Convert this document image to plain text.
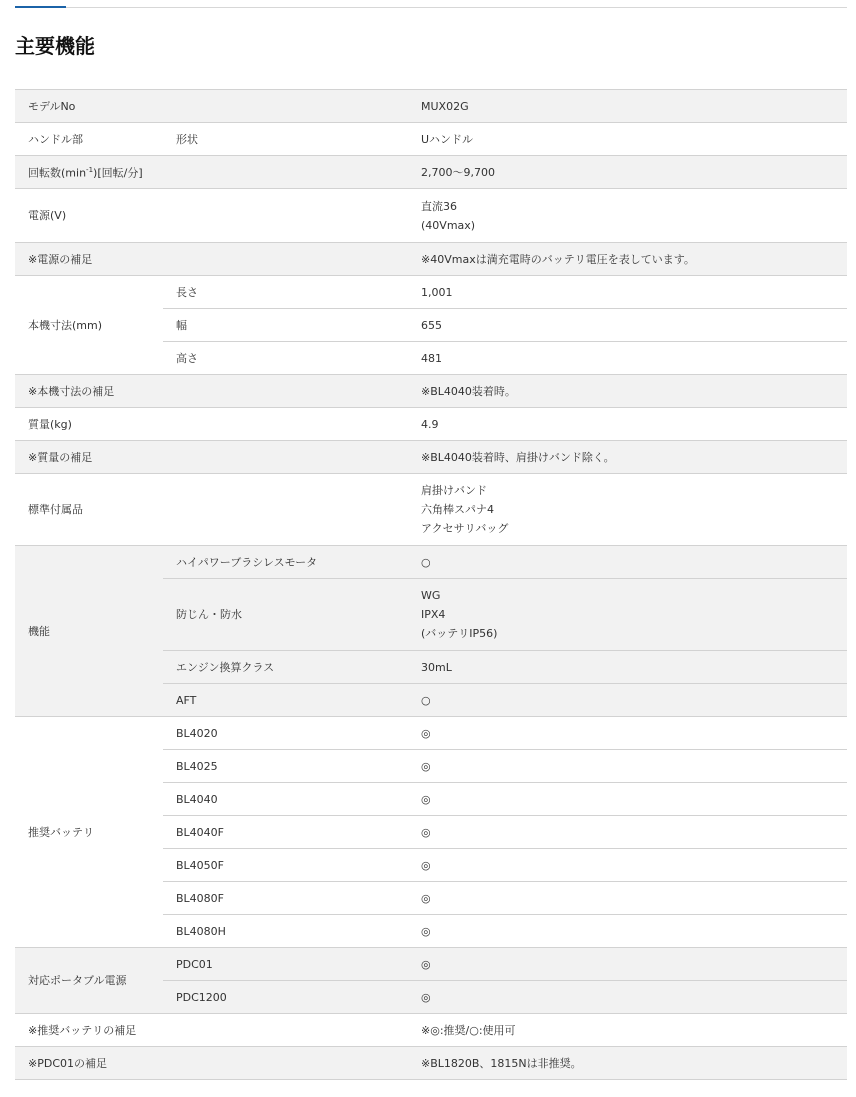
主要機能
モデルNo		MUX02G
ハンドル部	形状	Uハンドル
回転数$(\min^{-1})$[回転/分]		2,700〜9,700
電源(V)		直流36
(40Vmax)

※電源の補足		※40Vmaxは満充電時のバッテリ電圧を表しています。
本機寸法(mm)	長さ	1,001
	幅	655
	高さ	481
※本機寸法の補足		※BL4040装着時。
質量(kg)		4.9
※質量の補足		※BL4040装着時、肩掛けバンド除く。
標準付属品		肩掛けバンド
六角棒スパナ4
アクセサリバッグ

機能	ハイパワーブラシレスモータ	○
	防じん・防水	WG
IPX4
(バッテリIP56)

	エンジン換算クラス	30mL
	AFT	○
推奨バッテリ	BL4020	◎
	BL4025	◎
	BL4040	◎
	BL4040F	◎
	BL4050F	◎
	BL4080F	◎
	BL4080H	◎
対応ポータブル電源	PDC01	◎
	PDC1200	◎
※推奨バッテリの補足		※◎:推奨/○:使用可
※PDC01の補足		※BL1820B、1815Nは非推奨。
